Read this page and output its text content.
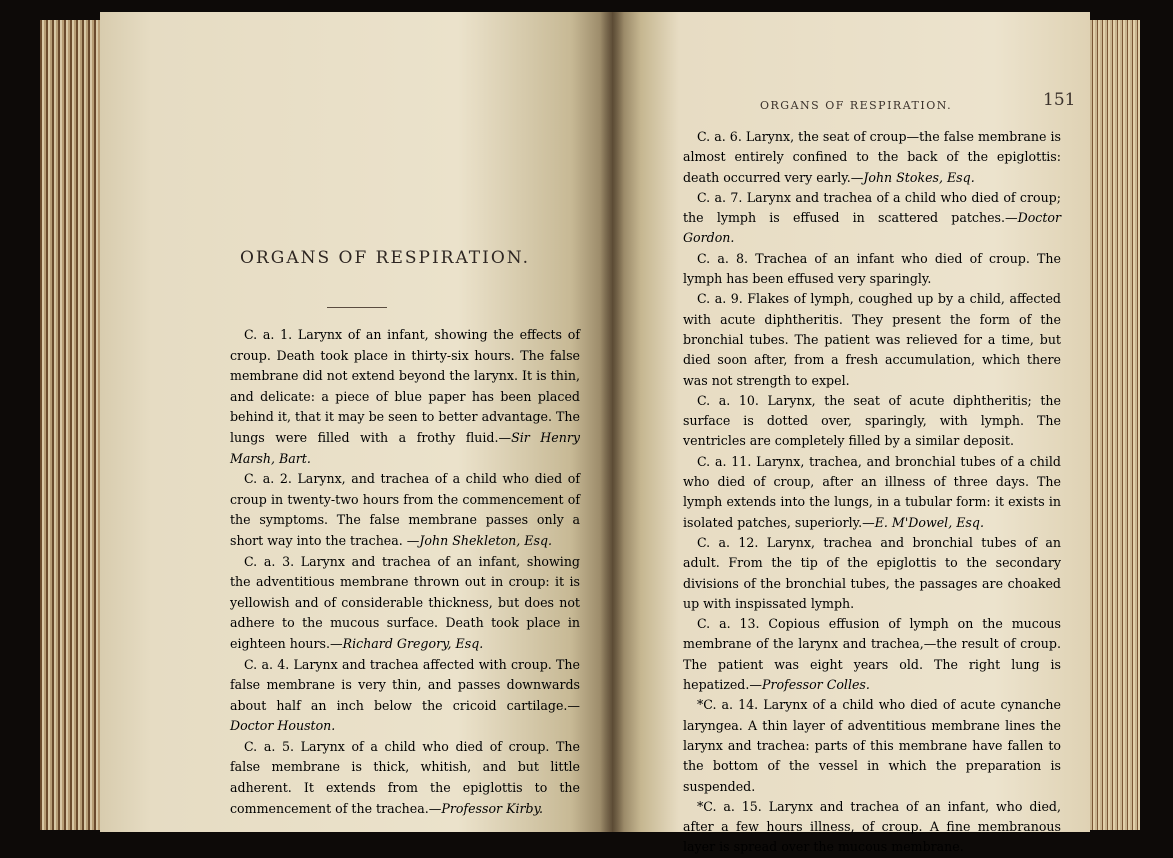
ORGANS OF RESPIRATION.

C. a. 1. Larynx of an infant, showing the effects of croup. Death took place in thirty-six hours. The false membrane did not extend beyond the larynx. It is thin, and delicate: a piece of blue paper has been placed behind it, that it may be seen to better advantage. The lungs were filled with a frothy fluid.—Sir Henry Marsh, Bart.

C. a. 2. Larynx, and trachea of a child who died of croup in twenty-two hours from the commencement of the symptoms. The false membrane passes only a short way into the trachea. —John Shekleton, Esq.

C. a. 3. Larynx and trachea of an infant, showing the adventitious membrane thrown out in croup: it is yellowish and of considerable thickness, but does not adhere to the mucous surface. Death took place in eighteen hours.—Richard Gregory, Esq.

C. a. 4. Larynx and trachea affected with croup. The false membrane is very thin, and passes downwards about half an inch below the cricoid cartilage.—Doctor Houston.

C. a. 5. Larynx of a child who died of croup. The false membrane is thick, whitish, and but little adherent. It extends from the epiglottis to the commencement of the trachea.—Professor Kirby.

ORGANS OF RESPIRATION.	151

C. a. 6. Larynx, the seat of croup—the false membrane is almost entirely confined to the back of the epiglottis: death occurred very early.—John Stokes, Esq.

C. a. 7. Larynx and trachea of a child who died of croup; the lymph is effused in scattered patches.—Doctor Gordon.

C. a. 8. Trachea of an infant who died of croup. The lymph has been effused very sparingly.

C. a. 9. Flakes of lymph, coughed up by a child, affected with acute diphtheritis. They present the form of the bronchial tubes. The patient was relieved for a time, but died soon after, from a fresh accumulation, which there was not strength to expel.

C. a. 10. Larynx, the seat of acute diphtheritis; the surface is dotted over, sparingly, with lymph. The ventricles are completely filled by a similar deposit.

C. a. 11. Larynx, trachea, and bronchial tubes of a child who died of croup, after an illness of three days. The lymph extends into the lungs, in a tubular form: it exists in isolated patches, superiorly.—E. M'Dowel, Esq.

C. a. 12. Larynx, trachea and bronchial tubes of an adult. From the tip of the epiglottis to the secondary divisions of the bronchial tubes, the passages are choaked up with inspissated lymph.

C. a. 13. Copious effusion of lymph on the mucous membrane of the larynx and trachea,—the result of croup. The patient was eight years old. The right lung is hepatized.—Professor Colles.

*C. a. 14. Larynx of a child who died of acute cynanche laryngea. A thin layer of adventitious membrane lines the larynx and trachea: parts of this membrane have fallen to the bottom of the vessel in which the preparation is suspended.

*C. a. 15. Larynx and trachea of an infant, who died, after a few hours illness, of croup. A fine membranous layer is spread over the mucous membrane.
